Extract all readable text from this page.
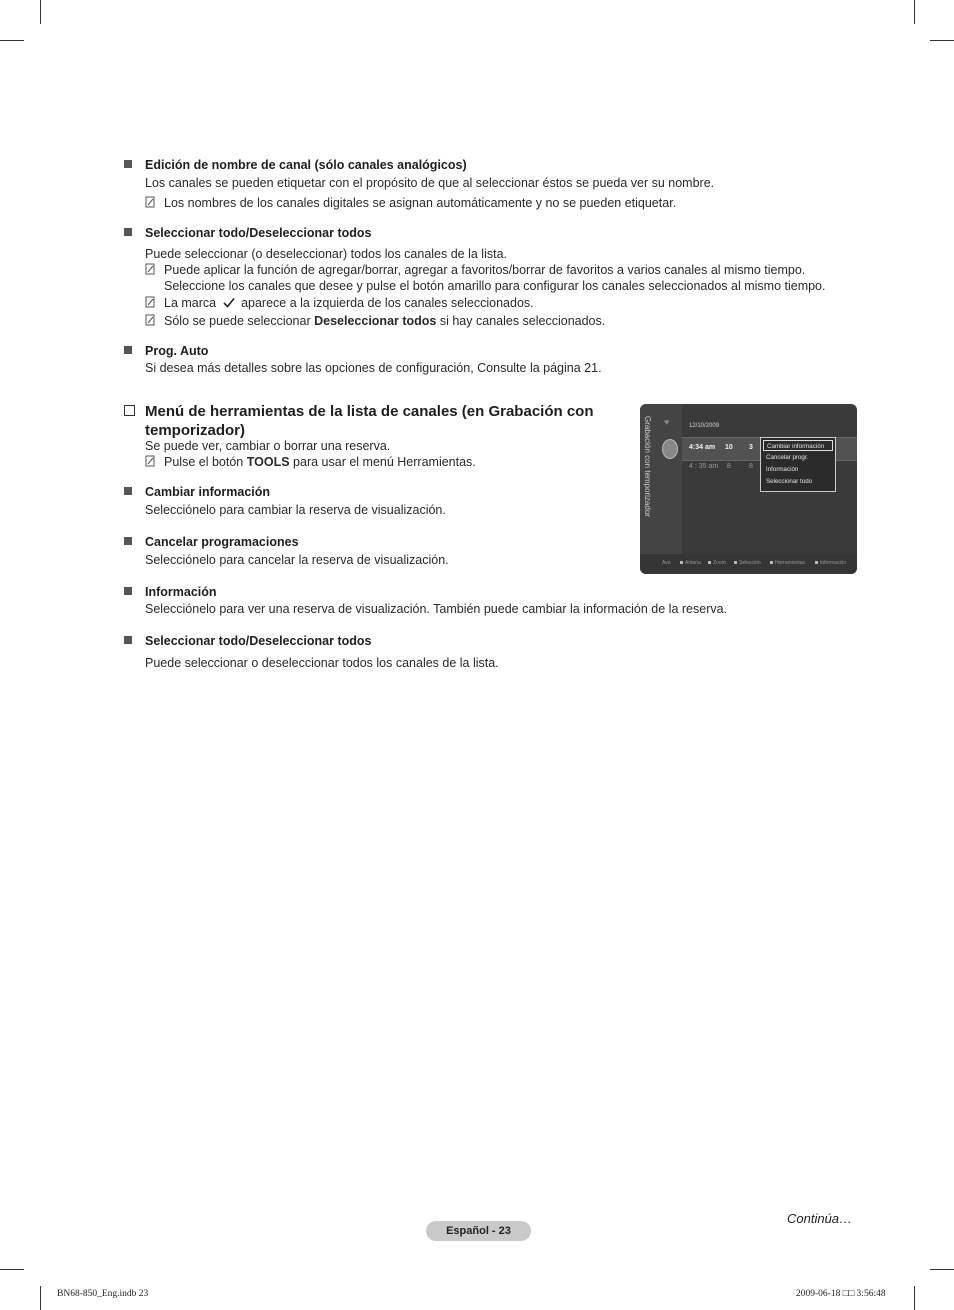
Edición de nombre de canal (sólo canales analógicos)
Los canales se pueden etiquetar con el propósito de que al seleccionar éstos se pueda ver su nombre.
Los nombres de los canales digitales se asignan automáticamente y no se pueden etiquetar.
Seleccionar todo/Deseleccionar todos
Puede seleccionar (o deseleccionar) todos los canales de la lista.
Puede aplicar la función de agregar/borrar, agregar a favoritos/borrar de favoritos a varios canales al mismo tiempo. Seleccione los canales que desee y pulse el botón amarillo para configurar los canales seleccionados al mismo tiempo.
La marca aparece a la izquierda de los canales seleccionados.
Sólo se puede seleccionar Deseleccionar todos si hay canales seleccionados.
Prog. Auto
Si desea más detalles sobre las opciones de configuración, Consulte la página 21.
Menú de herramientas de la lista de canales (en Grabación con temporizador)
Se puede ver, cambiar o borrar una reserva.
Pulse el botón TOOLS para usar el menú Herramientas.
Cambiar información
Selecciónelo para cambiar la reserva de visualización.
Cancelar programaciones
Selecciónelo para cancelar la reserva de visualización.
Información
Selecciónelo para ver una reserva de visualización. También puede cambiar la información de la reserva.
Seleccionar todo/Deseleccionar todos
Puede seleccionar o deseleccionar todos los canales de la lista.
Grabación con temporizador ♥	12/10/2009
4:34 am 10 3
4 : 35 am 8	8
Cambiar información
Cancelar progr.
Información
Seleccionar todo
Ava	Antena	Zoom	Selección	Herramientas	Información
Continúa…
Español - 23
BN68-850_Eng.indb 23	2009-06-18 □□ 3:56:48
